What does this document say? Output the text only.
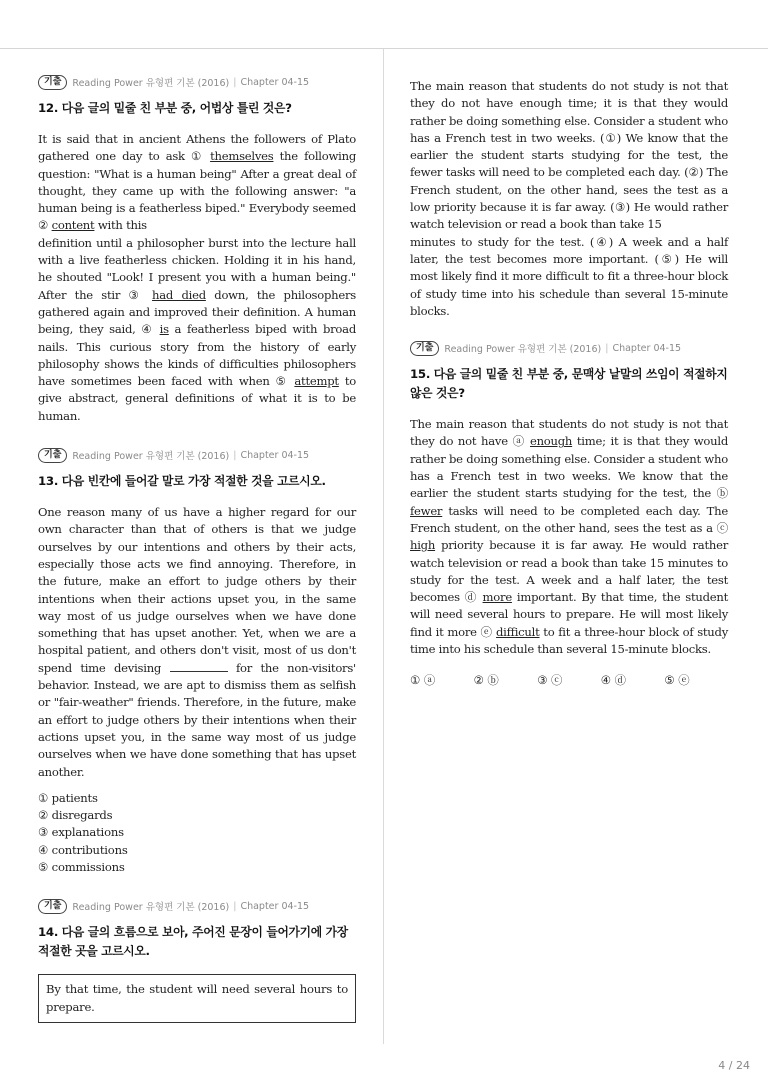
기출	Reading Power 유형편 기본 (2016) | Chapter 04-15
12. 다음 글의 밑줄 친 부분 중, 어법상 틀린 것은?
It is said that in ancient Athens the followers of Plato gathered one day to ask ① themselves the following question: "What is a human being" After a great deal of thought, they came up with the following answer: "a human being is a featherless biped." Everybody seemed ② content with this
definition until a philosopher burst into the lecture hall with a live featherless chicken. Holding it in his hand, he shouted "Look! I present you with a human being." After the stir ③ had died down, the philosophers gathered again and improved their definition. A human being, they said, ④ is a featherless biped with broad nails. This curious story from the history of early philosophy shows the kinds of difficulties philosophers have sometimes been faced with when ⑤ attempt to give abstract, general definitions of what it is to be human.
기출	Reading Power 유형편 기본 (2016) | Chapter 04-15
13. 다음 빈칸에 들어갈 말로 가장 적절한 것을 고르시오.
One reason many of us have a higher regard for our own character than that of others is that we judge ourselves by our intentions and others by their acts, especially those acts we find annoying. Therefore, in the future, make an effort to judge others by their intentions when their actions upset you, in the same way most of us judge ourselves when we have done something that has upset another. Yet, when we are a hospital patient, and others don't visit, most of us don't spend time devising	for the non-visitors' behavior. Instead, we are apt to dismiss them as selfish or "fair-weather" friends. Therefore, in the future, make an effort to judge others by their intentions when their actions upset you, in the same way most of us judge ourselves when we have done something that has upset another.
① patients
② disregards
③ explanations
④ contributions
⑤ commissions
기출	Reading Power 유형편 기본 (2016) | Chapter 04-15
14. 다음 글의 흐름으로 보아, 주어진 문장이 들어가기에 가장 적절한 곳을 고르시오.
By that time, the student will need several hours to prepare.
The main reason that students do not study is not that they do not have enough time; it is that they would rather be doing something else. Consider a student who has a French test in two weeks. (①) We know that the earlier the student starts studying for the test, the fewer tasks will need to be completed each day. (②) The French student, on the other hand, sees the test as a low priority because it is far away. (③) He would rather watch television or read a book than take 15
minutes to study for the test. (④) A week and a half later, the test becomes more important. (⑤) He will most likely find it more difficult to fit a three-hour block of study time into his schedule than several 15-minute blocks.
기출	Reading Power 유형편 기본 (2016) | Chapter 04-15
15. 다음 글의 밑줄 친 부분 중, 문맥상 낱말의 쓰임이 적절하지 않은 것은?
The main reason that students do not study is not that they do not have ⓐ enough time; it is that they would rather be doing something else. Consider a student who has a French test in two weeks. We know that the earlier the student starts studying for the test, the ⓑ fewer tasks will need to be completed each day. The French student, on the other hand, sees the test as a ⓒ high priority because it is far away. He would rather watch television or read a book than take 15 minutes to study for the test. A week and a half later, the test becomes ⓓ more important. By that time, the student will need several hours to prepare. He will most likely find it more ⓔ difficult to fit a three-hour block of study time into his schedule than several 15-minute blocks.
① ⓐ	② ⓑ	③ ⓒ	④ ⓓ	⑤ ⓔ
4 / 24
